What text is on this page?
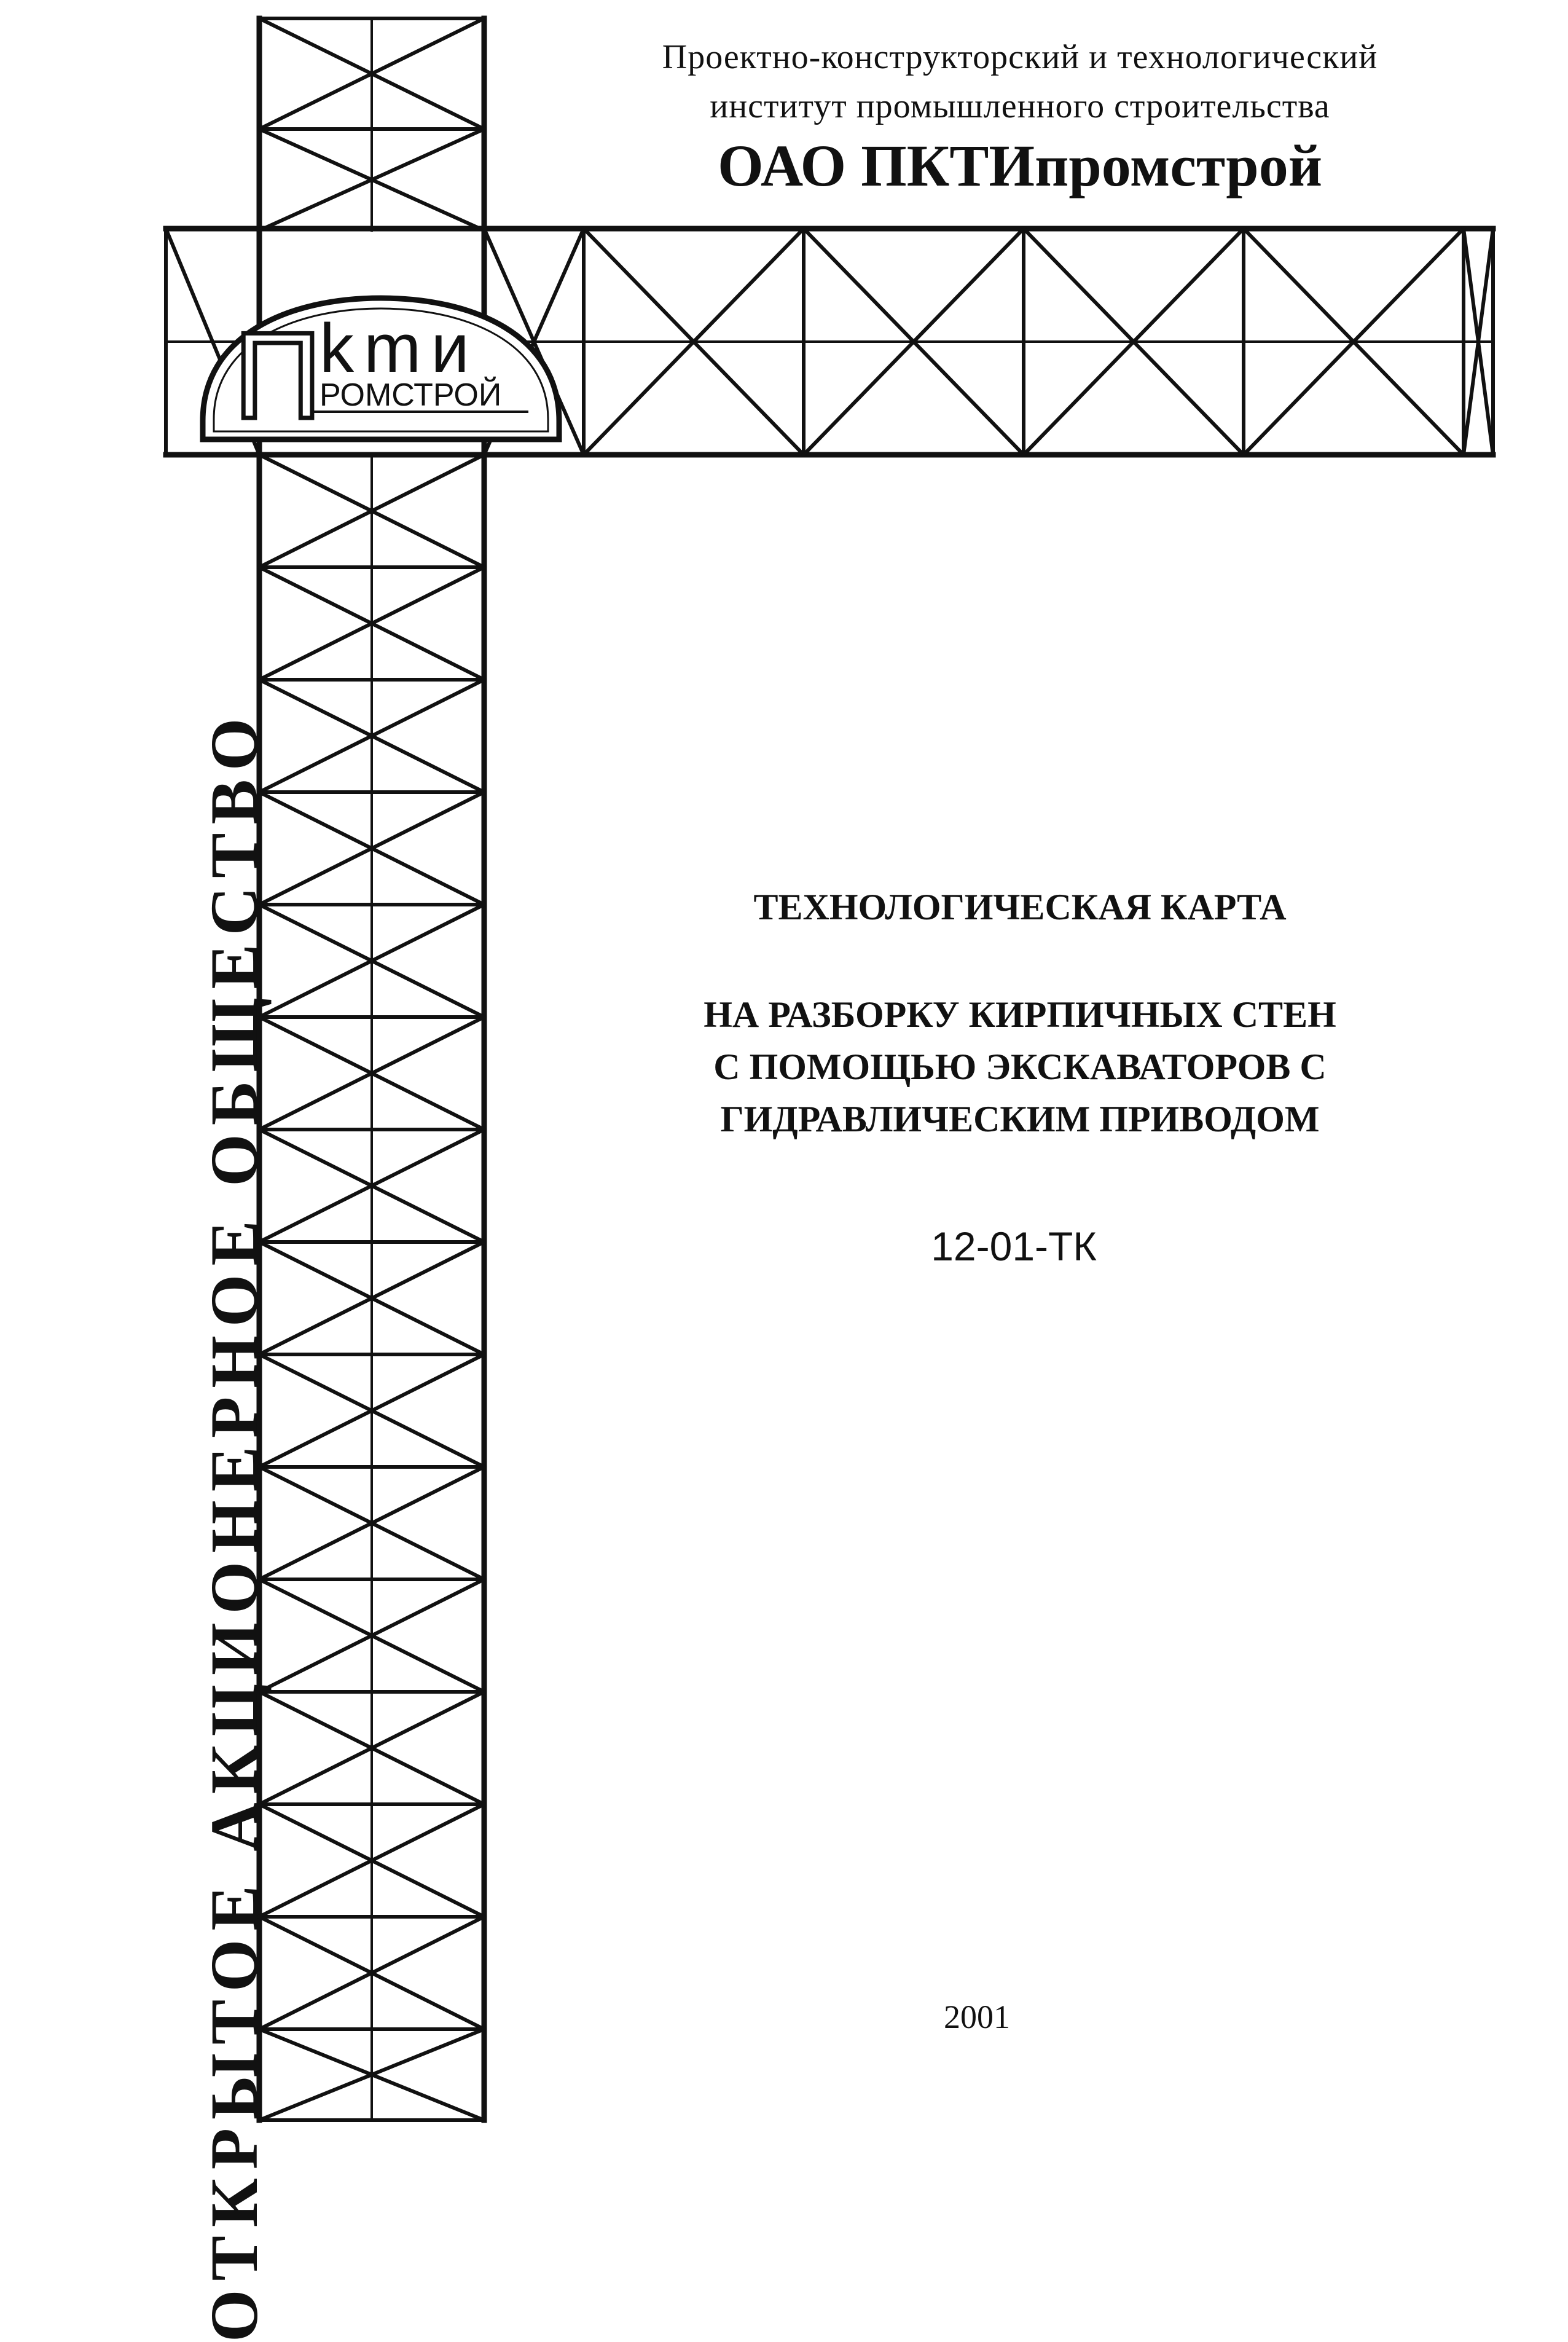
Проектно-конструкторский и технологический
институт промышленного строительства
ОАО ПКТИпромстрой
П
kmи
РОМСТРОЙ
ОТКРЫТОЕ АКЦИОНЕРНОЕ ОБЩЕСТВО	ТЕХНОЛОГИЧЕСКАЯ КАРТА
НА РАЗБОРКУ КИРПИЧНЫХ СТЕН
С ПОМОЩЬЮ ЭКСКАВАТОРОВ С
ГИДРАВЛИЧЕСКИМ ПРИВОДОМ
12-01-ТК
2001
